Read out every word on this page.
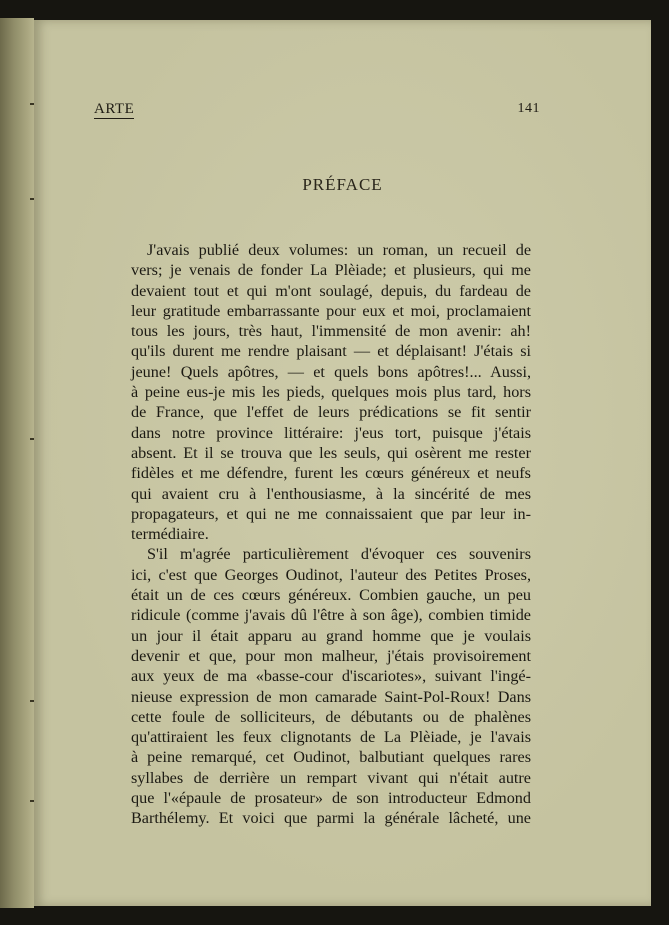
ARTE	141
PRÉFACE
J'avais publié deux volumes: un roman, un recueil de
vers; je venais de fonder La Plèiade; et plusieurs, qui me
devaient tout et qui m'ont soulagé, depuis, du fardeau de
leur gratitude embarrassante pour eux et moi, proclamaient
tous les jours, très haut, l'immensité de mon avenir: ah!
qu'ils durent me rendre plaisant — et déplaisant! J'étais si
jeune! Quels apôtres, — et quels bons apôtres!... Aussi,
à peine eus-je mis les pieds, quelques mois plus tard, hors
de France, que l'effet de leurs prédications se fit sentir
dans notre province littéraire: j'eus tort, puisque j'étais
absent. Et il se trouva que les seuls, qui osèrent me rester
fidèles et me défendre, furent les cœurs généreux et neufs
qui avaient cru à l'enthousiasme, à la sincérité de mes
propagateurs, et qui ne me connaissaient que par leur in-
termédiaire.
S'il m'agrée particulièrement d'évoquer ces souvenirs
ici, c'est que Georges Oudinot, l'auteur des Petites Proses,
était un de ces cœurs généreux. Combien gauche, un peu
ridicule (comme j'avais dû l'être à son âge), combien timide
un jour il était apparu au grand homme que je voulais
devenir et que, pour mon malheur, j'étais provisoirement
aux yeux de ma «basse-cour d'iscariotes», suivant l'ingé-
nieuse expression de mon camarade Saint-Pol-Roux! Dans
cette foule de solliciteurs, de débutants ou de phalènes
qu'attiraient les feux clignotants de La Plèiade, je l'avais
à peine remarqué, cet Oudinot, balbutiant quelques rares
syllabes de derrière un rempart vivant qui n'était autre
que l'«épaule de prosateur» de son introducteur Edmond
Barthélemy. Et voici que parmi la générale lâcheté, une
